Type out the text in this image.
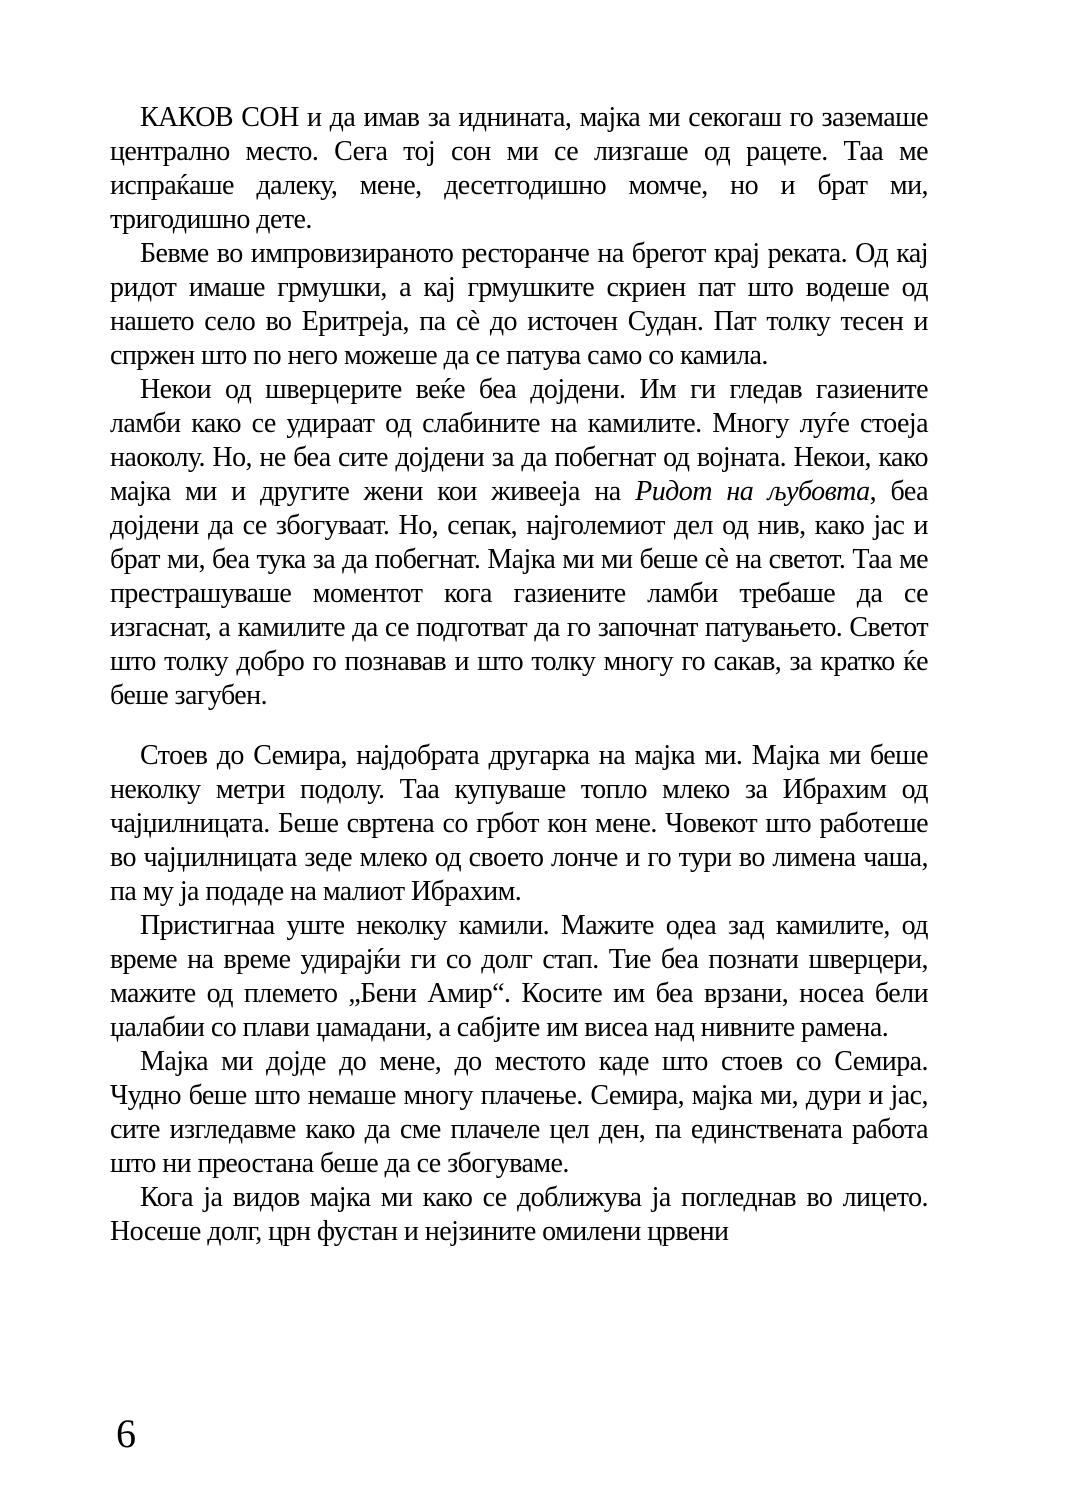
КАКОВ СОН и да имав за иднината, мајка ми секогаш го заземаше централно место. Сега тој сон ми се лизгаше од рацете. Таа ме испраќаше далеку, мене, десетгодишно момче, но и брат ми, тригодишно дете.

Бевме во импровизираното ресторанче на брегот крај реката. Од кај ридот имаше грмушки, а кај грмушките скриен пат што водеше од нашето село во Еритреја, па сѐ до источен Судан. Пат толку тесен и спржен што по него можеше да се патува само со камила.

Некои од шверцерите веќе беа дојдени. Им ги гледав газиените ламби како се удираат од слабините на камилите. Многу луѓе стоеја наоколу. Но, не беа сите дојдени за да побегнат од војната. Некои, како мајка ми и другите жени кои живееја на Ридот на љубовта, беа дојдени да се збогуваат. Но, сепак, најголемиот дел од нив, како јас и брат ми, беа тука за да побегнат. Мајка ми ми беше сѐ на светот. Таа ме престрашуваше моментот кога газиените ламби требаше да се изгаснат, а камилите да се подготват да го започнат патувањето. Светот што толку добро го познавав и што толку многу го сакав, за кратко ќе беше загубен.

Стоев до Семира, најдобрата другарка на мајка ми. Мајка ми беше неколку метри подолу. Таа купуваше топло млеко за Ибрахим од чајџилницата. Беше свртена со грбот кон мене. Човекот што работеше во чајџилницата зеде млеко од своето лонче и го тури во лимена чаша, па му ја подаде на малиот Ибрахим.

Пристигнаа уште неколку камили. Мажите одеа зад камилите, од време на време удирајќи ги со долг стап. Тие беа познати шверцери, мажите од племето „Бени Амир“. Косите им беа врзани, носеа бели џалабии со плави џамадани, а сабјите им висеа над нивните рамена.

Мајка ми дојде до мене, до местото каде што стоев со Семира. Чудно беше што немаше многу плачење. Семира, мајка ми, дури и јас, сите изгледавме како да сме плачеле цел ден, па единствената работа што ни преостана беше да се збогуваме.

Кога ја видов мајка ми како се доближува ја погледнав во лицето. Носеше долг, црн фустан и нејзините омилени црвени

6
